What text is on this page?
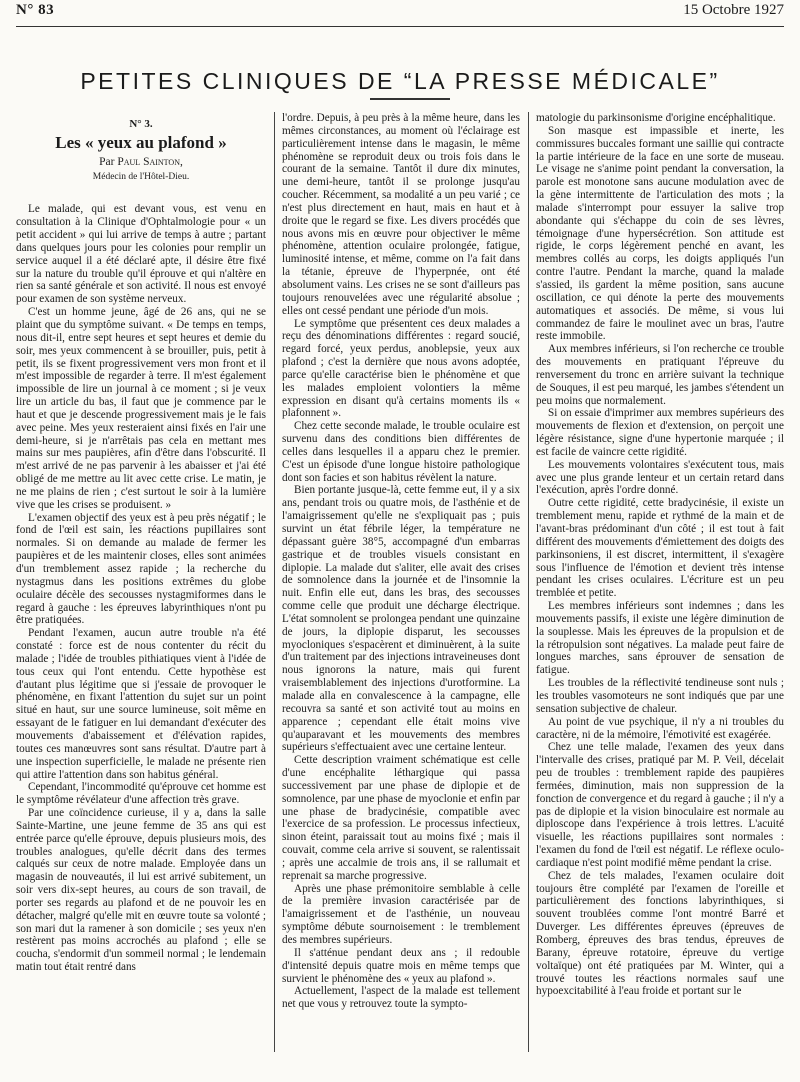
N° 83	15 Octobre 1927
PETITES CLINIQUES DE “LA PRESSE MÉDICALE”
N° 3.
Les « yeux au plafond »
Par Paul Sainton,
Médecin de l'Hôtel-Dieu.

Le malade, qui est devant vous, est venu en consultation à la Clinique d'Ophtalmologie pour « un petit accident » qui lui arrive de temps à autre ; partant dans quelques jours pour les colonies pour remplir un service auquel il a été déclaré apte, il désire être fixé sur la nature du trouble qu'il éprouve et qui n'altère en rien sa santé générale et son activité. Il nous est envoyé pour examen de son système nerveux.

C'est un homme jeune, âgé de 26 ans, qui ne se plaint que du symptôme suivant. « De temps en temps, nous dit-il, entre sept heures et sept heures et demie du soir, mes yeux commencent à se brouiller, puis, petit à petit, ils se fixent progressivement vers mon front et il m'est impossible de regarder à terre. Il m'est également impossible de lire un journal à ce moment ; si je veux lire un article du bas, il faut que je commence par le haut et que je descende progressivement mais je le fais avec peine. Mes yeux resteraient ainsi fixés en l'air une demi-heure, si je n'arrêtais pas cela en mettant mes mains sur mes paupières, afin d'être dans l'obscurité. Il m'est arrivé de ne pas parvenir à les abaisser et j'ai été obligé de me mettre au lit avec cette crise. Le matin, je ne me plains de rien ; c'est surtout le soir à la lumière vive que les crises se produisent. »

L'examen objectif des yeux est à peu près négatif ; le fond de l'œil est sain, les réactions pupillaires sont normales. Si on demande au malade de fermer les paupières et de les maintenir closes, elles sont animées d'un tremblement assez rapide ; la recherche du nystagmus dans les positions extrêmes du globe oculaire décèle des secousses nystagmiformes dans le regard à gauche : les épreuves labyrinthiques n'ont pu être pratiquées.

Pendant l'examen, aucun autre trouble n'a été constaté : force est de nous contenter du récit du malade ; l'idée de troubles pithiatiques vient à l'idée de tous ceux qui l'ont entendu. Cette hypothèse est d'autant plus légitime que si j'essaie de provoquer le phénomène, en fixant l'attention du sujet sur un point situé en haut, sur une source lumineuse, soit même en essayant de le fatiguer en lui demandant d'exécuter des mouvements d'abaissement et d'élévation rapides, toutes ces manœuvres sont sans résultat. D'autre part à une inspection superficielle, le malade ne présente rien qui attire l'attention dans son habitus général.

Cependant, l'incommodité qu'éprouve cet homme est le symptôme révélateur d'une affection très grave.

Par une coïncidence curieuse, il y a, dans la salle Sainte-Martine, une jeune femme de 35 ans qui est entrée parce qu'elle éprouve, depuis plusieurs mois, des troubles analogues, qu'elle décrit dans des termes calqués sur ceux de notre malade. Employée dans un magasin de nouveautés, il lui est arrivé subitement, un soir vers dix-sept heures, au cours de son travail, de porter ses regards au plafond et de ne pouvoir les en détacher, malgré qu'elle mit en œuvre toute sa volonté ; son mari dut la ramener à son domicile ; ses yeux n'en restèrent pas moins accrochés au plafond ; elle se coucha, s'endormit d'un sommeil normal ; le lendemain matin tout était rentré dans

l'ordre. Depuis, à peu près à la même heure, dans les mêmes circonstances, au moment où l'éclairage est particulièrement intense dans le magasin, le même phénomène se reproduit deux ou trois fois dans le courant de la semaine. Tantôt il dure dix minutes, une demi-heure, tantôt il se prolonge jusqu'au coucher. Récemment, sa modalité a un peu varié ; ce n'est plus directement en haut, mais en haut et à droite que le regard se fixe. Les divers procédés que nous avons mis en œuvre pour objectiver le même phénomène, attention oculaire prolongée, fatigue, luminosité intense, et même, comme on l'a fait dans la tétanie, épreuve de l'hyperpnée, ont été absolument vains. Les crises ne se sont d'ailleurs pas toujours renouvelées avec une régularité absolue ; elles ont cessé pendant une période d'un mois.

Le symptôme que présentent ces deux malades a reçu des dénominations différentes : regard soucié, regard forcé, yeux perdus, anoblepsie, yeux aux plafond ; c'est la dernière que nous avons adoptée, parce qu'elle caractérise bien le phénomène et que les malades emploient volontiers la même expression en disant qu'à certains moments ils « plafonnent ».

Chez cette seconde malade, le trouble oculaire est survenu dans des conditions bien différentes de celles dans lesquelles il a apparu chez le premier. C'est un épisode d'une longue histoire pathologique dont son facies et son habitus révèlent la nature.

Bien portante jusque-là, cette femme eut, il y a six ans, pendant trois ou quatre mois, de l'asthénie et de l'amaigrissement qu'elle ne s'expliquait pas ; puis survint un état fébrile léger, la température ne dépassant guère 38°5, accompagné d'un embarras gastrique et de troubles visuels consistant en diplopie. La malade dut s'aliter, elle avait des crises de somnolence dans la journée et de l'insomnie la nuit. Enfin elle eut, dans les bras, des secousses comme celle que produit une décharge électrique. L'état somnolent se prolongea pendant une quinzaine de jours, la diplopie disparut, les secousses myocloniques s'espacèrent et diminuèrent, à la suite d'un traitement par des injections intraveineuses dont nous ignorons la nature, mais qui furent vraisemblablement des injections d'urotformine. La malade alla en convalescence à la campagne, elle recouvra sa santé et son activité tout au moins en apparence ; cependant elle était moins vive qu'auparavant et les mouvements des membres supérieurs s'effectuaient avec une certaine lenteur.

Cette description vraiment schématique est celle d'une encéphalite léthargique qui passa successivement par une phase de diplopie et de somnolence, par une phase de myoclonie et enfin par une phase de bradycinésie, compatible avec l'exercice de sa profession. Le processus infectieux, sinon éteint, paraissait tout au moins fixé ; mais il couvait, comme cela arrive si souvent, se ralentissait ; après une accalmie de trois ans, il se rallumait et reprenait sa marche progressive.

Après une phase prémonitoire semblable à celle de la première invasion caractérisée par de l'amaigrissement et de l'asthénie, un nouveau symptôme débute sournoisement : le tremblement des membres supérieurs.

Il s'atténue pendant deux ans ; il redouble d'intensité depuis quatre mois en même temps que survient le phénomène des « yeux au plafond ».

Actuellement, l'aspect de la malade est tellement net que vous y retrouvez toute la sympto-

matologie du parkinsonisme d'origine encéphalitique.

Son masque est impassible et inerte, les commissures buccales formant une saillie qui contracte la partie intérieure de la face en une sorte de museau. Le visage ne s'anime point pendant la conversation, la parole est monotone sans aucune modulation avec de la gène intermittente de l'articulation des mots ; la malade s'interrompt pour essuyer la salive trop abondante qui s'échappe du coin de ses lèvres, témoignage d'une hypersécrétion. Son attitude est rigide, le corps légèrement penché en avant, les membres collés au corps, les doigts appliqués l'un contre l'autre. Pendant la marche, quand la malade s'assied, ils gardent la même position, sans aucune oscillation, ce qui dénote la perte des mouvements automatiques et associés. De même, si vous lui commandez de faire le moulinet avec un bras, l'autre reste immobile.

Aux membres inférieurs, si l'on recherche ce trouble des mouvements en pratiquant l'épreuve du renversement du tronc en arrière suivant la technique de Souques, il est peu marqué, les jambes s'étendent un peu moins que normalement.

Si on essaie d'imprimer aux membres supérieurs des mouvements de flexion et d'extension, on perçoit une légère résistance, signe d'une hypertonie marquée ; il est facile de vaincre cette rigidité.

Les mouvements volontaires s'exécutent tous, mais avec une plus grande lenteur et un certain retard dans l'exécution, après l'ordre donné.

Outre cette rigidité, cette bradycinésie, il existe un tremblement menu, rapide et rythmé de la main et de l'avant-bras prédominant d'un côté ; il est tout à fait différent des mouvements d'émiettement des doigts des parkinsoniens, il est discret, intermittent, il s'exagère sous l'influence de l'émotion et devient très intense pendant les crises oculaires. L'écriture est un peu tremblée et petite.

Les membres inférieurs sont indemnes ; dans les mouvements passifs, il existe une légère diminution de la souplesse. Mais les épreuves de la propulsion et de la rétropulsion sont négatives. La malade peut faire de longues marches, sans éprouver de sensation de fatigue.

Les troubles de la réflectivité tendineuse sont nuls ; les troubles vasomoteurs ne sont indiqués que par une sensation subjective de chaleur.

Au point de vue psychique, il n'y a ni troubles du caractère, ni de la mémoire, l'émotivité est exagérée.

Chez une telle malade, l'examen des yeux dans l'intervalle des crises, pratiqué par M. P. Veil, décelait peu de troubles : tremblement rapide des paupières fermées, diminution, mais non suppression de la fonction de convergence et du regard à gauche ; il n'y a pas de diplopie et la vision binoculaire est normale au diploscope dans l'expérience à trois lettres. L'acuité visuelle, les réactions pupillaires sont normales : l'examen du fond de l'œil est négatif. Le réflexe oculo-cardiaque n'est point modifié même pendant la crise.

Chez de tels malades, l'examen oculaire doit toujours être complété par l'examen de l'oreille et particulièrement des fonctions labyrinthiques, si souvent troublées comme l'ont montré Barré et Duverger. Les différentes épreuves (épreuves de Romberg, épreuves des bras tendus, épreuves de Barany, épreuve rotatoire, épreuve du vertige voltaïque) ont été pratiquées par M. Winter, qui a trouvé toutes les réactions normales sauf une hypoexcitabilité à l'eau froide et portant sur le
